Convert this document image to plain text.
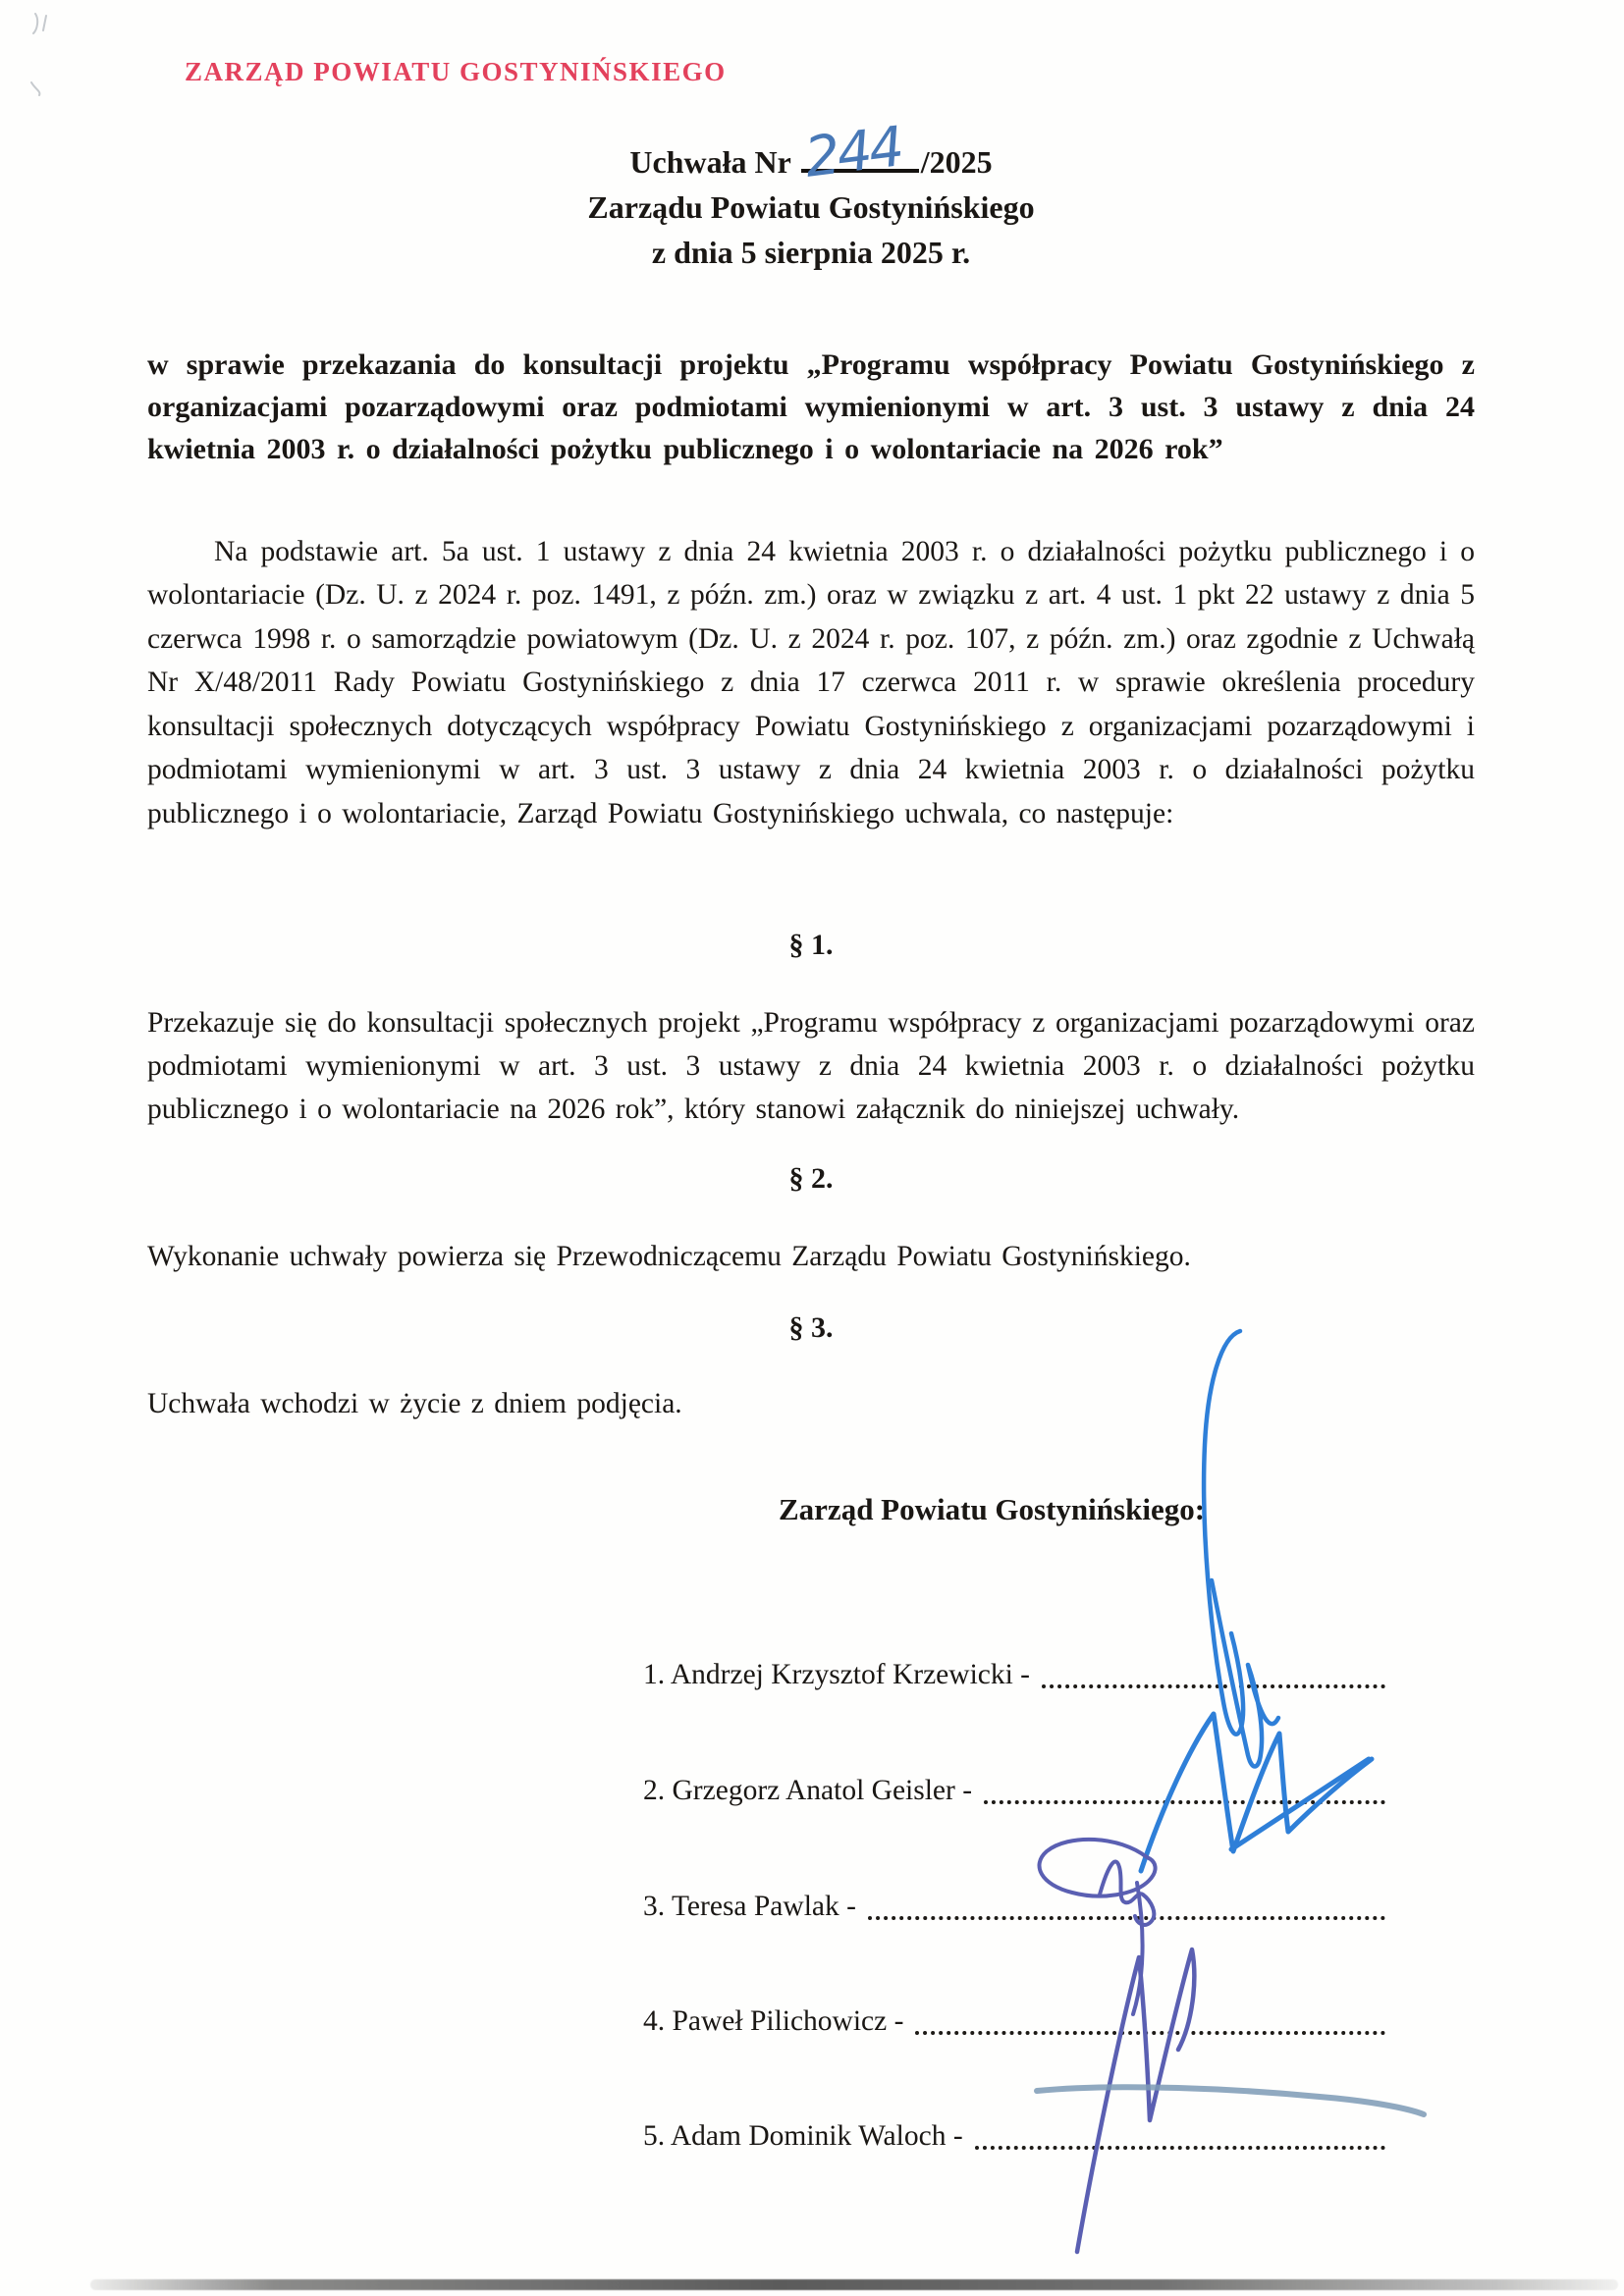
ZARZĄD POWIATU GOSTYNIŃSKIEGO
Uchwała Nr 244 /2025
Zarządu Powiatu Gostynińskiego
z dnia 5 sierpnia 2025 r.

w sprawie przekazania do konsultacji projektu „Programu współpracy Powiatu Gostynińskiego z organizacjami pozarządowymi oraz podmiotami wymienionymi w art. 3 ust. 3 ustawy z dnia 24 kwietnia 2003 r. o działalności pożytku publicznego i o wolontariacie na 2026 rok”

Na podstawie art. 5a ust. 1 ustawy z dnia 24 kwietnia 2003 r. o działalności pożytku publicznego i o wolontariacie (Dz. U. z 2024 r. poz. 1491, z późn. zm.) oraz w związku z art. 4 ust. 1 pkt 22 ustawy z dnia 5 czerwca 1998 r. o samorządzie powiatowym (Dz. U. z 2024 r. poz. 107, z późn. zm.) oraz zgodnie z Uchwałą Nr X/48/2011 Rady Powiatu Gostynińskiego z dnia 17 czerwca 2011 r. w sprawie określenia procedury konsultacji społecznych dotyczących współpracy Powiatu Gostynińskiego z organizacjami pozarządowymi i podmiotami wymienionymi w art. 3 ust. 3 ustawy z dnia 24 kwietnia 2003 r. o działalności pożytku publicznego i o wolontariacie, Zarząd Powiatu Gostynińskiego uchwala, co następuje:

§ 1.

Przekazuje się do konsultacji społecznych projekt „Programu współpracy z organizacjami pozarządowymi oraz podmiotami wymienionymi w art. 3 ust. 3 ustawy z dnia 24 kwietnia 2003 r. o działalności pożytku publicznego i o wolontariacie na 2026 rok”, który stanowi załącznik do niniejszej uchwały.

§ 2.

Wykonanie uchwały powierza się Przewodniczącemu Zarządu Powiatu Gostynińskiego.

§ 3.

Uchwała wchodzi w życie z dniem podjęcia.

Zarząd Powiatu Gostynińskiego:
1. Andrzej Krzysztof Krzewicki -
2. Grzegorz Anatol Geisler -
3. Teresa Pawlak -
4. Paweł Pilichowicz -
5. Adam Dominik Waloch -
